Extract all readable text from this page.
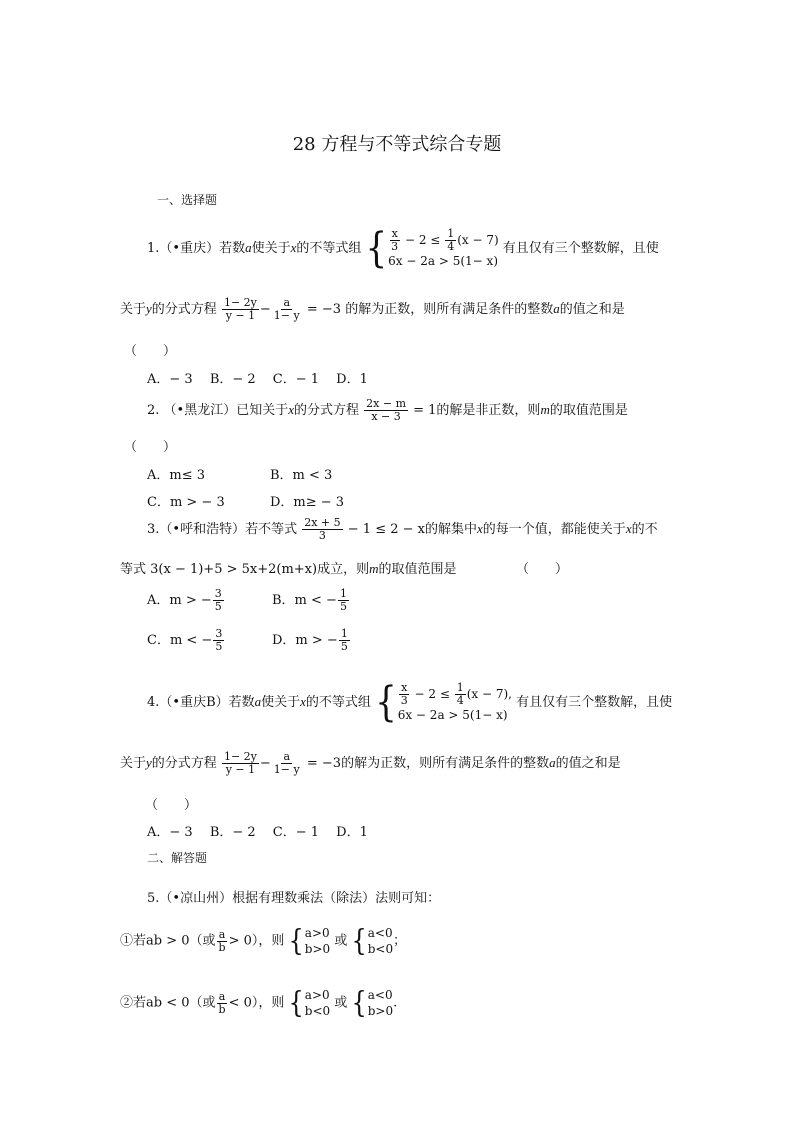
28 方程与不等式综合专题
一、选择题
1.（•重庆）若数a使关于x的不等式组 { $\frac{x}{3} - 2 \le \frac{1}{4} (x - 7)$
6x − 2a > 5(1− x)
有且仅有三个整数解，且使
关于y的分式方程 $\frac{1- 2y}{y - 1} - \frac{a}{1- y} = -3$ 的解为正数，则所有满足条件的整数a的值之和是
（　　）
A．− 3　 B．− 2　 C．− 1　 D．1
2. （•黑龙江）已知关于x的分式方程 $\frac{2x - m}{x - 3} = 1$的解是非正数，则m的取值范围是
（　　）
A．m≤ 3	B．m < 3
C．m > − 3	D．m≥ − 3
3.（•呼和浩特）若不等式 $\frac{2x + 5}{3} - 1 \le 2 - x$的解集中x的每一个值，都能使关于x的不
等式 3(x − 1)+5 > 5x+2(m+x)成立，则m的取值范围是	（　　）
A．m > − $\frac{3}{5}$	B．m < − $\frac{1}{5}$
C．m < − $\frac{3}{5}$	D．m > − $\frac{1}{5}$
4.（•重庆B）若数a使关于x的不等式组 { $\frac{x}{3} - 2 \le \frac{1}{4} (x - 7)$,
6x − 2a > 5(1− x)
有且仅有三个整数解，且使
关于y的分式方程 $\frac{1- 2y}{y - 1} - \frac{a}{1- y} = -3$的解为正数，则所有满足条件的整数a的值之和是
（　　）
A．− 3　 B．− 2　 C．− 1　 D．1
二、解答题
5.（•凉山州）根据有理数乘法（除法）法则可知：
①若ab > 0（或 $\frac{a}{b} > 0$），则 { a>0
b>0
或 { a<0
b<0
；
②若ab < 0（或 $\frac{a}{b} < 0$），则 { a>0
b<0
或 { a<0
b>0
.
